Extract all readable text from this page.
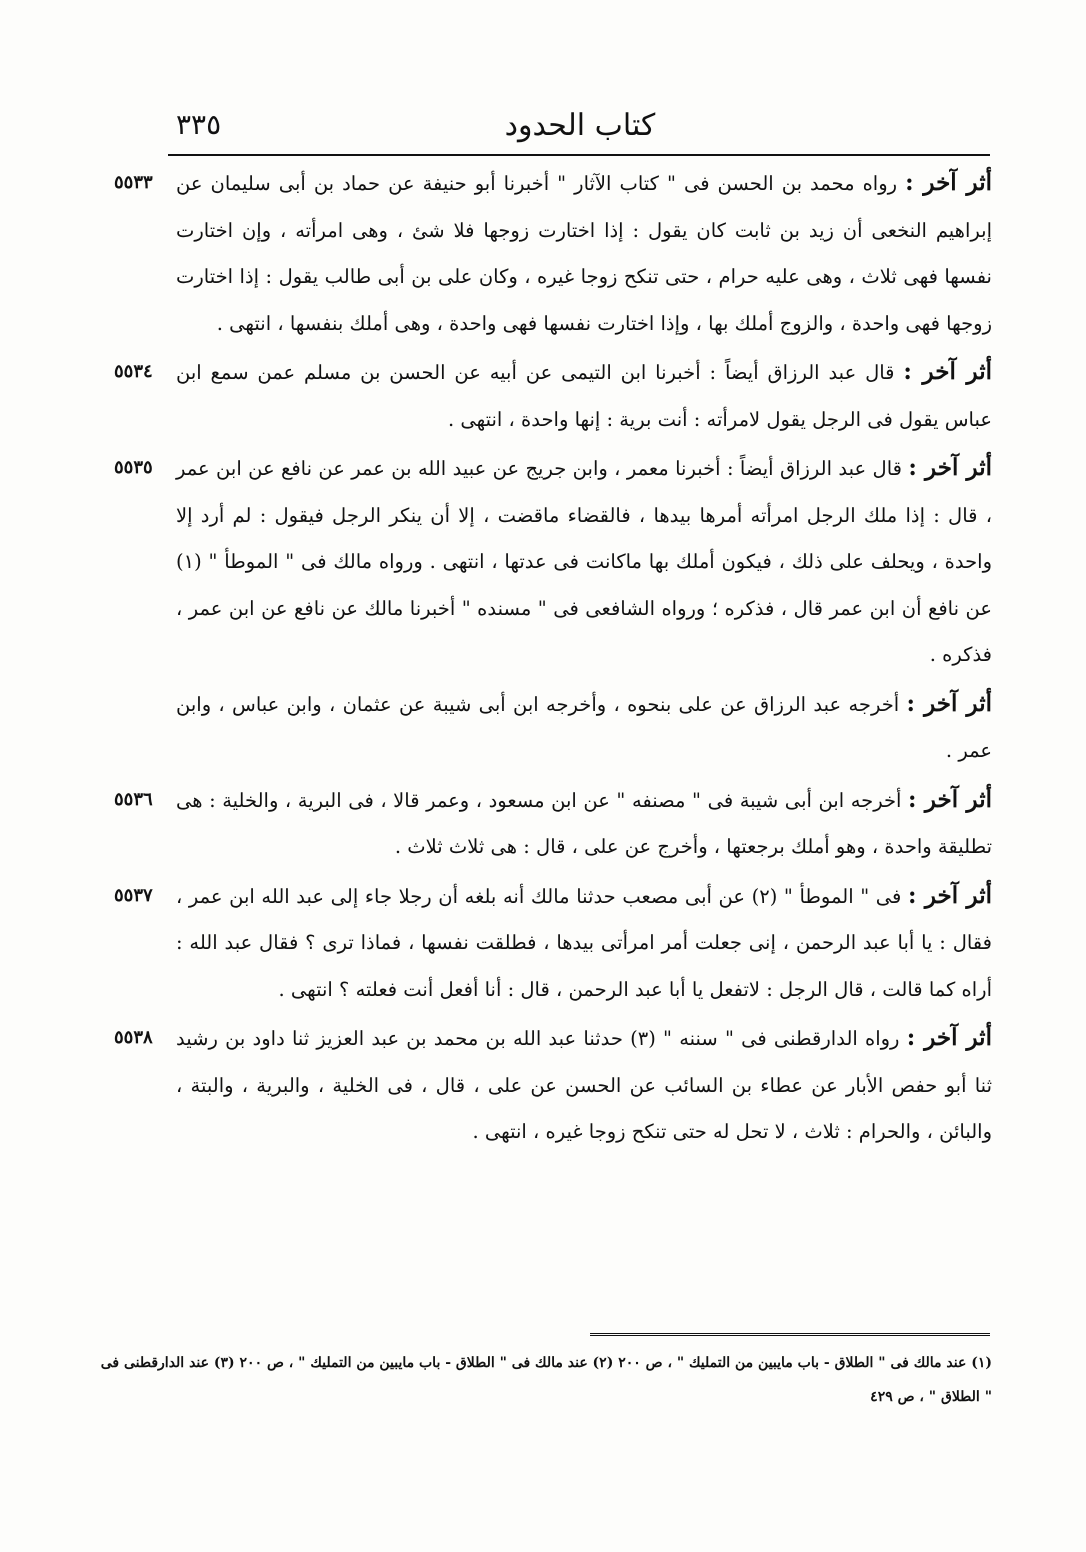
٣٣٥	كتاب الحدود

٥٥٣٣	أثر آخر : رواه محمد بن الحسن فى " كتاب الآثار " أخبرنا أبو حنيفة عن حماد بن أبى سليمان عن إبراهيم النخعى أن زيد بن ثابت كان يقول : إذا اختارت زوجها فلا شئ ، وهى امرأته ، وإن اختارت نفسها فهى ثلاث ، وهى عليه حرام ، حتى تنكح زوجا غيره ، وكان على بن أبى طالب يقول : إذا اختارت زوجها فهى واحدة ، والزوج أملك بها ، وإذا اختارت نفسها فهى واحدة ، وهى أملك بنفسها ، انتهى .

٥٥٣٤	أثر آخر : قال عبد الرزاق أيضاً : أخبرنا ابن التيمى عن أبيه عن الحسن بن مسلم عمن سمع ابن عباس يقول فى الرجل يقول لامرأته : أنت برية : إنها واحدة ، انتهى .

٥٥٣٥	أثر آخر : قال عبد الرزاق أيضاً : أخبرنا معمر ، وابن جريج عن عبيد الله بن عمر عن نافع عن ابن عمر ، قال : إذا ملك الرجل امرأته أمرها بيدها ، فالقضاء ماقضت ، إلا أن ينكر الرجل فيقول : لم أرد إلا واحدة ، ويحلف على ذلك ، فيكون أملك بها ماكانت فى عدتها ، انتهى . ورواه مالك فى " الموطأ " (١) عن نافع أن ابن عمر قال ، فذكره ؛ ورواه الشافعى فى " مسنده " أخبرنا مالك عن نافع عن ابن عمر ، فذكره .

أثر آخر : أخرجه عبد الرزاق عن على بنحوه ، وأخرجه ابن أبى شيبة عن عثمان ، وابن عباس ، وابن عمر .

٥٥٣٦	أثر آخر : أخرجه ابن أبى شيبة فى " مصنفه " عن ابن مسعود ، وعمر قالا ، فى البرية ، والخلية : هى تطليقة واحدة ، وهو أملك برجعتها ، وأخرج عن على ، قال : هى ثلاث ثلاث .

٥٥٣٧	أثر آخر : فى " الموطأ " (٢) عن أبى مصعب حدثنا مالك أنه بلغه أن رجلا جاء إلى عبد الله ابن عمر ، فقال : يا أبا عبد الرحمن ، إنى جعلت أمر امرأتى بيدها ، فطلقت نفسها ، فماذا ترى ؟ فقال عبد الله : أراه كما قالت ، قال الرجل : لاتفعل يا أبا عبد الرحمن ، قال : أنا أفعل أنت فعلته ؟ انتهى .

٥٥٣٨	أثر آخر : رواه الدارقطنى فى " سننه " (٣) حدثنا عبد الله بن محمد بن عبد العزيز ثنا داود بن رشيد ثنا أبو حفص الأبار عن عطاء بن السائب عن الحسن عن على ، قال ، فى الخلية ، والبرية ، والبتة ، والبائن ، والحرام : ثلاث ، لا تحل له حتى تنكح زوجا غيره ، انتهى .

(١) عند مالك فى " الطلاق - باب مايبين من التمليك " ، ص ٢٠٠ (٢) عند مالك فى " الطلاق - باب مايبين من التمليك " ، ص ٢٠٠ (٣) عند الدارقطنى فى " الطلاق " ، ص ٤٢٩
